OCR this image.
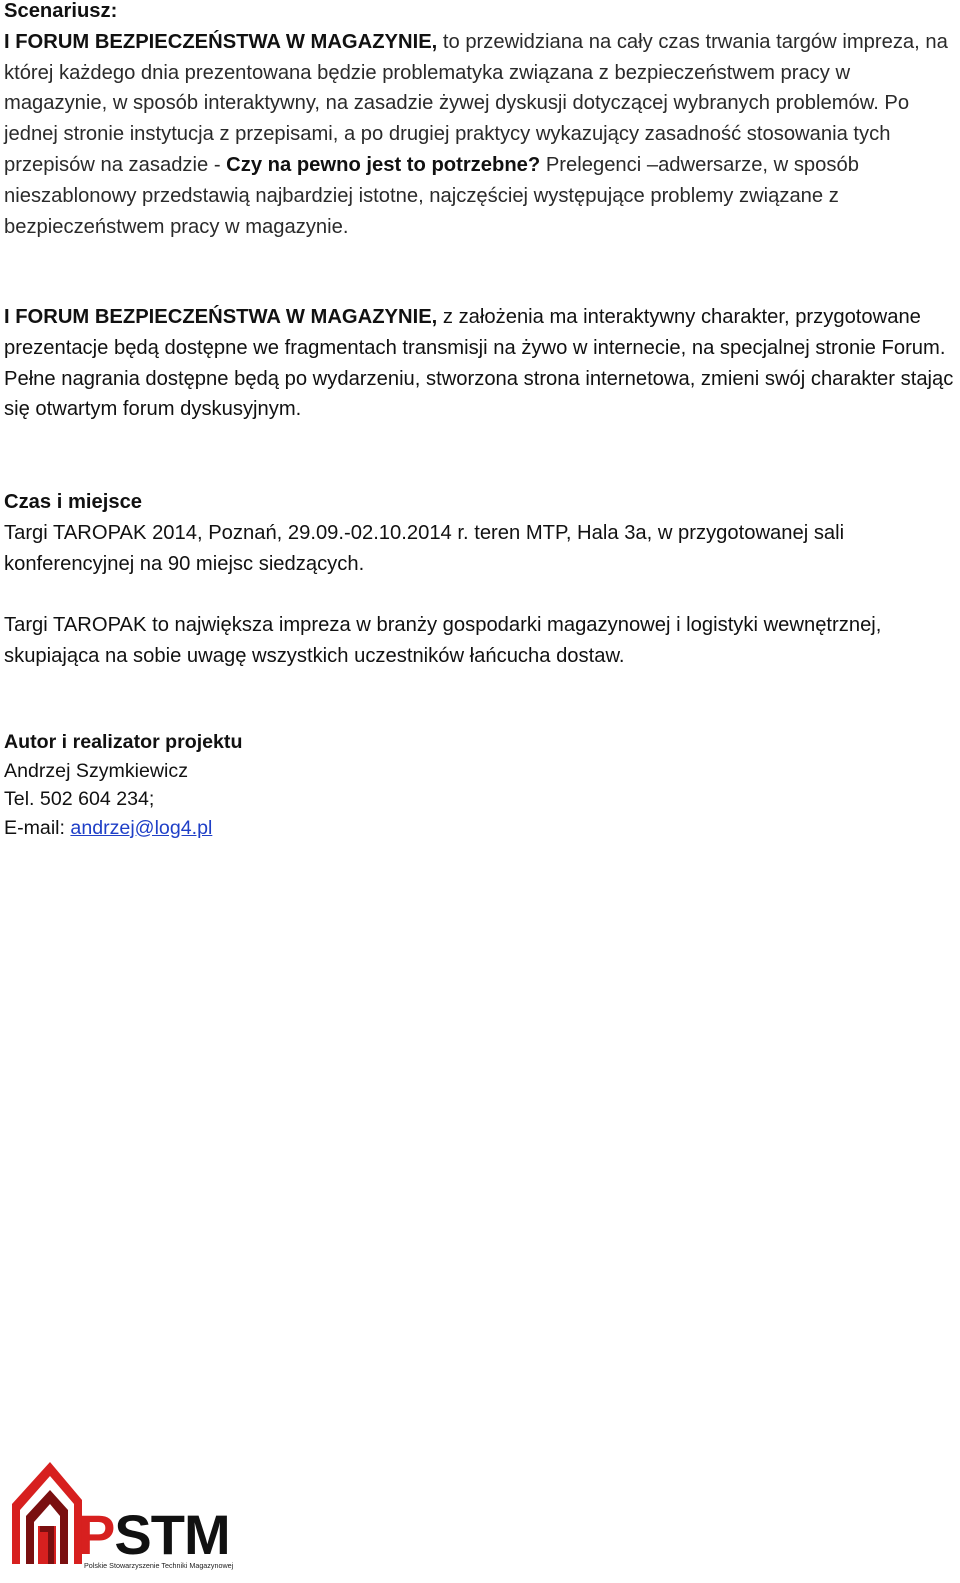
Scenariusz:
I FORUM BEZPIECZEŃSTWA W MAGAZYNIE, to przewidziana na cały czas trwania targów impreza, na której każdego dnia prezentowana będzie problematyka związana z bezpieczeństwem pracy w magazynie, w sposób interaktywny, na zasadzie żywej dyskusji dotyczącej wybranych problemów. Po jednej stronie instytucja z przepisami, a po drugiej praktycy wykazujący zasadność stosowania tych przepisów na zasadzie - Czy na pewno jest to potrzebne? Prelegenci –adwersarze, w sposób nieszablonowy przedstawią najbardziej istotne, najczęściej występujące problemy związane z bezpieczeństwem pracy w magazynie.

I FORUM BEZPIECZEŃSTWA W MAGAZYNIE, z założenia ma interaktywny charakter, przygotowane prezentacje będą dostępne we fragmentach transmisji na żywo w internecie, na specjalnej stronie Forum. Pełne nagrania dostępne będą po wydarzeniu, stworzona strona internetowa, zmieni swój charakter stając się otwartym forum dyskusyjnym.

Czas i miejsce
Targi TAROPAK 2014, Poznań, 29.09.-02.10.2014 r. teren MTP, Hala 3a, w przygotowanej sali konferencyjnej na 90 miejsc siedzących.

Targi TAROPAK to największa impreza w branży gospodarki magazynowej i logistyki wewnętrznej, skupiająca na sobie uwagę wszystkich uczestników łańcucha dostaw.

Autor i realizator projektu
Andrzej Szymkiewicz
Tel. 502 604 234;
E-mail: andrzej@log4.pl

PSTM
Polskie Stowarzyszenie Techniki Magazynowej
